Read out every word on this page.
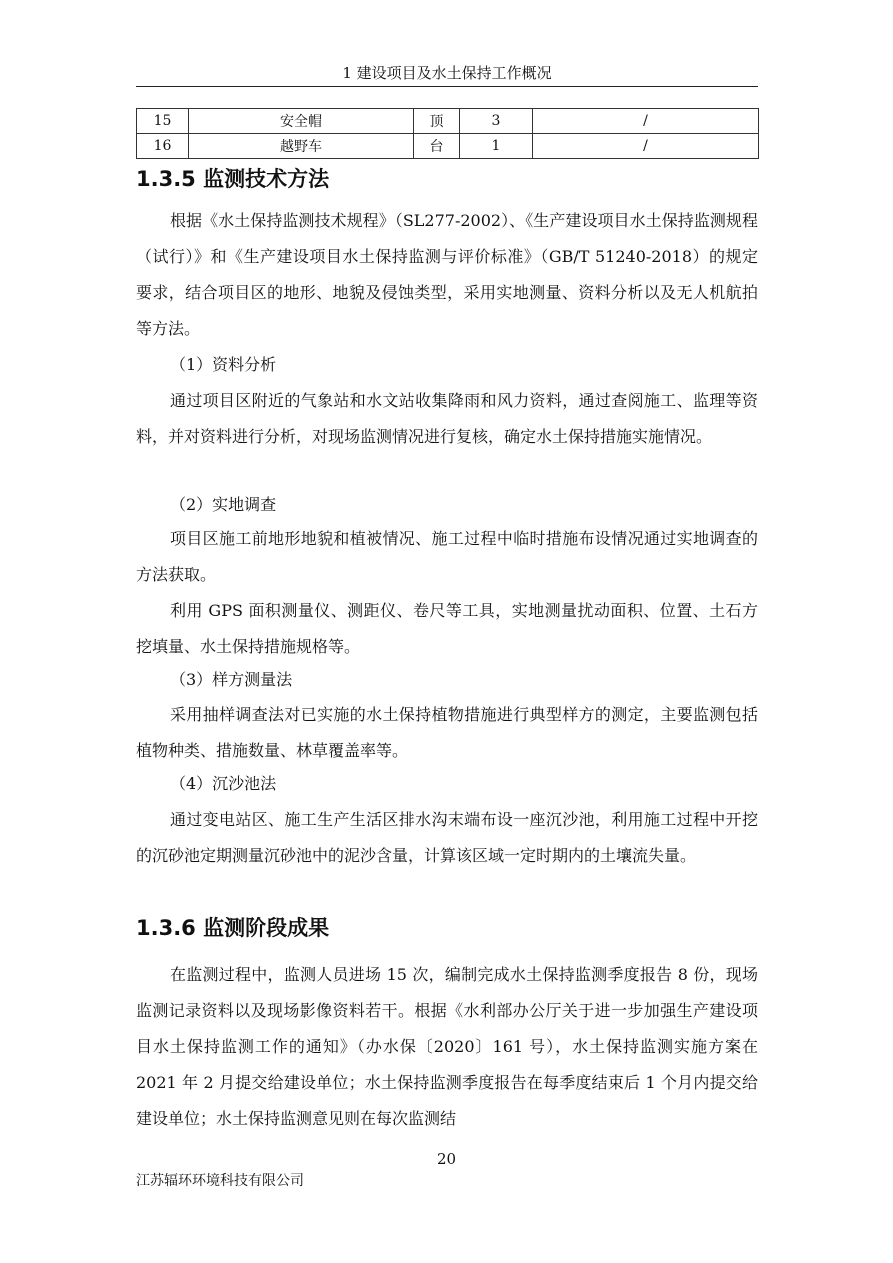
1 建设项目及水土保持工作概况
15	安全帽	顶	3	/
16	越野车	台	1	/
1.3.5 监测技术方法

根据《水土保持监测技术规程》（SL277-2002）、《生产建设项目水土保持监测规程（试行）》和《生产建设项目水土保持监测与评价标准》（GB/T 51240-2018）的规定要求，结合项目区的地形、地貌及侵蚀类型，采用实地测量、资料分析以及无人机航拍等方法。

（1）资料分析

通过项目区附近的气象站和水文站收集降雨和风力资料，通过查阅施工、监理等资料，并对资料进行分析，对现场监测情况进行复核，确定水土保持措施实施情况。

（2）实地调查

项目区施工前地形地貌和植被情况、施工过程中临时措施布设情况通过实地调查的方法获取。

利用 GPS 面积测量仪、测距仪、卷尺等工具，实地测量扰动面积、位置、土石方挖填量、水土保持措施规格等。

（3）样方测量法

采用抽样调查法对已实施的水土保持植物措施进行典型样方的测定，主要监测包括植物种类、措施数量、林草覆盖率等。

（4）沉沙池法

通过变电站区、施工生产生活区排水沟末端布设一座沉沙池，利用施工过程中开挖的沉砂池定期测量沉砂池中的泥沙含量，计算该区域一定时期内的土壤流失量。

1.3.6 监测阶段成果

在监测过程中，监测人员进场 15 次，编制完成水土保持监测季度报告 8 份，现场监测记录资料以及现场影像资料若干。根据《水利部办公厅关于进一步加强生产建设项目水土保持监测工作的通知》（办水保〔2020〕161 号），水土保持监测实施方案在 2021 年 2 月提交给建设单位；水土保持监测季度报告在每季度结束后 1 个月内提交给建设单位；水土保持监测意见则在每次监测结

20
江苏辐环环境科技有限公司
